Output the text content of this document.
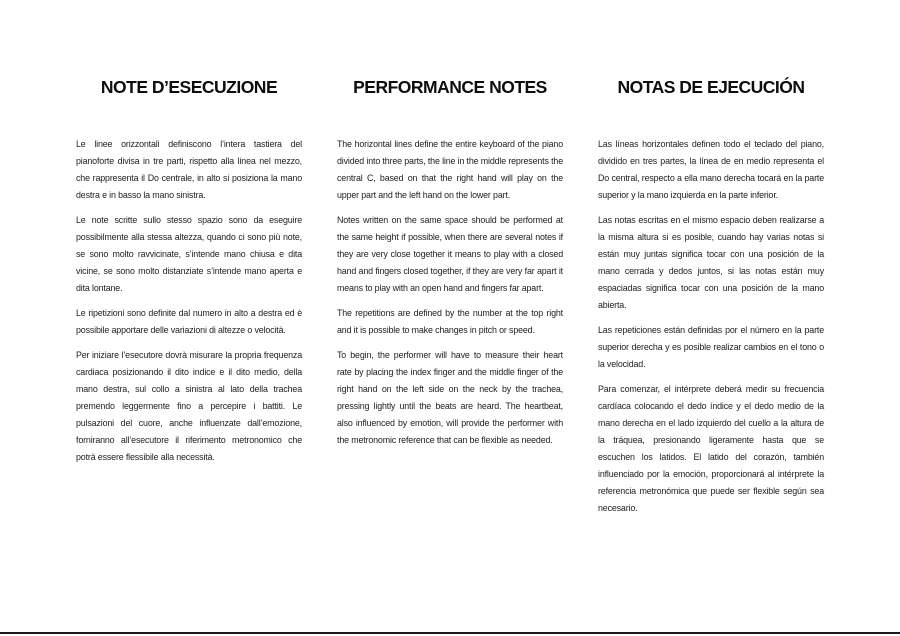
NOTE D’ESECUZIONE

Le linee orizzontali definiscono l’intera tastiera del pianoforte divisa in tre parti, rispetto alla linea nel mezzo, che rappresenta il Do centrale, in alto si posiziona la mano destra e in basso la mano sinistra.

Le note scritte sullo stesso spazio sono da eseguire possibilmente alla stessa altezza, quando ci sono più note, se sono molto ravvicinate, s’intende mano chiusa e dita vicine, se sono molto distanziate s’intende mano aperta e dita lontane.

Le ripetizioni sono definite dal numero in alto a destra ed è possibile apportare delle variazioni di altezze o velocità.

Per iniziare l’esecutore dovrà misurare la propria frequenza cardiaca posizionando il dito indice e il dito medio, della mano destra, sul collo a sinistra al lato della trachea premendo leggermente fino a percepire i battiti. Le pulsazioni del cuore, anche influenzate dall’emozione, forniranno all’esecutore il riferimento metronomico che potrà essere flessibile alla necessità.

PERFORMANCE NOTES

The horizontal lines define the entire keyboard of the piano divided into three parts, the line in the middle represents the central C, based on that the right hand will play on the upper part and the left hand on the lower part.

Notes written on the same space should be performed at the same height if possible, when there are several notes if they are very close together it means to play with a closed hand and fingers closed together, if they are very far apart it means to play with an open hand and fingers far apart.

The repetitions are defined by the number at the top right and it is possible to make changes in pitch or speed.

To begin, the performer will have to measure their heart rate by placing the index finger and the middle finger of the right hand on the left side on the neck by the trachea, pressing lightly until the beats are heard. The heartbeat, also influenced by emotion, will provide the performer with the metronomic reference that can be flexible as needed.

NOTAS DE EJECUCIÓN

Las líneas horizontales definen todo el teclado del piano, dividido en tres partes, la línea de en medio representa el Do central, respecto a ella mano derecha tocará en la parte superior y la mano izquierda en la parte inferior.

Las notas escritas en el mismo espacio deben realizarse a la misma altura si es posible, cuando hay varias notas si están muy juntas significa tocar con una posición de la mano cerrada y dedos juntos, si las notas están muy espaciadas significa tocar con una posición de la mano abierta.

Las repeticiones están definidas por el número en la parte superior derecha y es posible realizar cambios en el tono o la velocidad.

Para comenzar, el intérprete deberá medir su frecuencia cardíaca colocando el dedo índice y el dedo medio de la mano derecha en el lado izquierdo del cuello a la altura de la tráquea, presionando ligeramente hasta que se escuchen los latidos. El latido del corazón, también influenciado por la emoción, proporcionará al intérprete la referencia metronómica que puede ser flexible según sea necesario.
